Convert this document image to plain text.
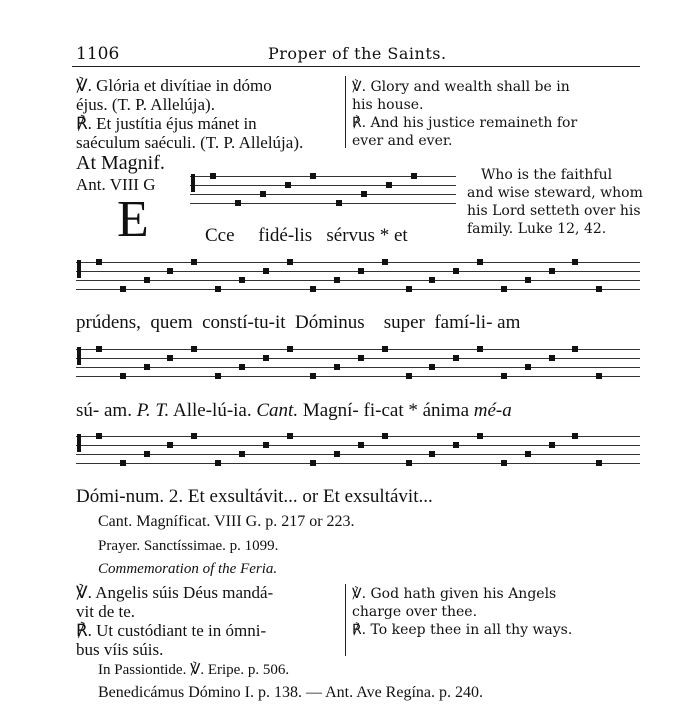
1106	Proper of the Saints.
℣. Glória et divítiae in dómo
éjus. (T. P. Allelúja).
℟. Et justítia éjus mánet in
saéculum saéculi. (T. P. Allelúja).
℣. Glory and wealth shall be in
his house.
℟. And his justice remaineth for
ever and ever.
At Magnif.
Ant. VIII G
E
Who is the faithful
and wise steward, whom
his Lord setteth over his
family. Luke 12, 42.
Cce fidé-lis sérvus * et
prúdens, quem constí-tu-it Dóminus super famí-li- am
sú- am. P. T. Alle-lú-ia. Cant. Magní- fi-cat * ánima mé-a
Dómi-num. 2. Et exsultávit... or Et exsultávit...
Cant. Magníficat. VIII G. p. 217 or 223.
Prayer. Sanctíssimae. p. 1099.
Commemoration of the Feria.
℣. Angelis súis Déus mandá-
vit de te.
℟. Ut custódiant te in ómni-
bus víis súis.
℣. God hath given his Angels
charge over thee.
℟. To keep thee in all thy ways.
In Passiontide. ℣. Eripe. p. 506.
Benedicámus Dómino I. p. 138. — Ant. Ave Regína. p. 240.
